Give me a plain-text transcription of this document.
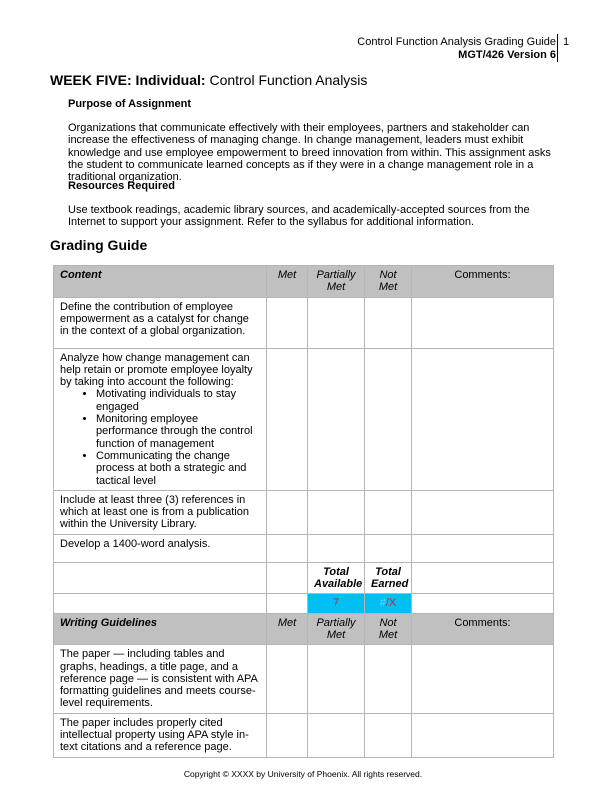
Control Function Analysis Grading Guide
MGT/426 Version 6
1
WEEK FIVE: Individual: Control Function Analysis
Purpose of Assignment
Organizations that communicate effectively with their employees, partners and stakeholder can increase the effectiveness of managing change. In change management, leaders must exhibit knowledge and use employee empowerment to breed innovation from within. This assignment asks the student to communicate learned concepts as if they were in a change management role in a traditional organization.
Resources Required
Use textbook readings, academic library sources, and academically-accepted sources from the Internet to support your assignment. Refer to the syllabus for additional information.
Grading Guide
Content	Met	Partially Met	Not Met	Comments:
Define the contribution of employee empowerment as a catalyst for change in the context of a global organization.				

Analyze how change management can help retain or promote employee loyalty by taking into account the following:
• Motivating individuals to stay engaged
• Monitoring employee performance through the control function of management
• Communicating the change process at both a strategic and tactical level

Include at least three (3) references in which at least one is from a publication within the University Library.				
Develop a 1400-word analysis.				
		Total Available	Total Earned	
		7	#/X	
Writing Guidelines	Met	Partially Met	Not Met	Comments:
The paper — including tables and graphs, headings, a title page, and a reference page — is consistent with APA formatting guidelines and meets course-level requirements.				
The paper includes properly cited intellectual property using APA style in-text citations and a reference page.				
Copyright © XXXX by University of Phoenix. All rights reserved.
